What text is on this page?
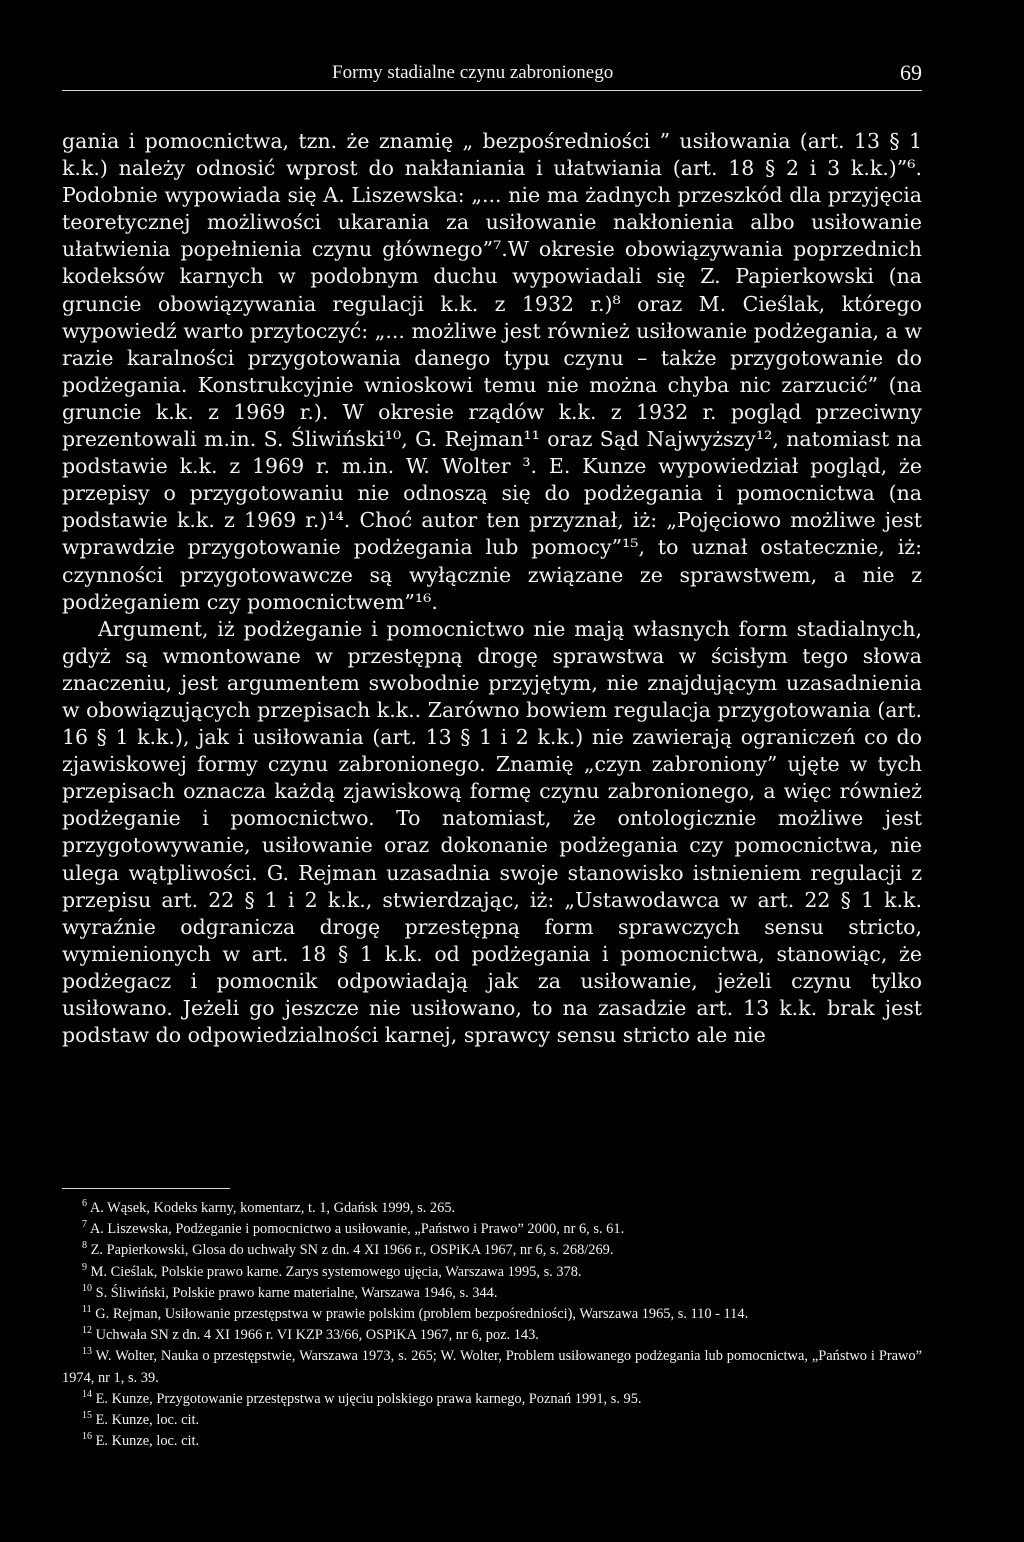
Formy stadialne czynu zabronionego	69

gania i pomocnictwa, tzn. że znamię „ bezpośredniości ” usiłowania (art. 13 § 1 k.k.) należy odnosić wprost do nakłaniania i ułatwiania (art. 18 § 2 i 3 k.k.)”⁶. Podobnie wypowiada się A. Liszewska: „... nie ma żadnych przeszkód dla przyjęcia teoretycznej możliwości ukarania za usiłowanie nakłonienia albo usiłowanie ułatwienia popełnienia czynu głównego”⁷.W okresie obowiązywania poprzednich kodeksów karnych w podobnym duchu wypowiadali się Z. Papierkowski (na gruncie obowiązywania regulacji k.k. z 1932 r.)⁸ oraz M. Cieślak, którego wypowiedź warto przytoczyć: „... możliwe jest również usiłowanie podżegania, a w razie karalności przygotowania danego typu czynu – także przygotowanie do podżegania. Konstrukcyjnie wnioskowi temu nie można chyba nic zarzucić” (na gruncie k.k. z 1969 r.). W okresie rządów k.k. z 1932 r. pogląd przeciwny prezentowali m.in. S. Śliwiński¹⁰, G. Rejman¹¹ oraz Sąd Najwyższy¹², natomiast na podstawie k.k. z 1969 r. m.in. W. Wolter ³. E. Kunze wypowiedział pogląd, że przepisy o przygotowaniu nie odnoszą się do podżegania i pomocnictwa (na podstawie k.k. z 1969 r.)¹⁴. Choć autor ten przyznał, iż: „Pojęciowo możliwe jest wprawdzie przygotowanie podżegania lub pomocy”¹⁵, to uznał ostatecznie, iż: czynności przygotowawcze są wyłącznie związane ze sprawstwem, a nie z podżeganiem czy pomocnictwem”¹⁶.

Argument, iż podżeganie i pomocnictwo nie mają własnych form stadialnych, gdyż są wmontowane w przestępną drogę sprawstwa w ścisłym tego słowa znaczeniu, jest argumentem swobodnie przyjętym, nie znajdującym uzasadnienia w obowiązujących przepisach k.k.. Zarówno bowiem regulacja przygotowania (art. 16 § 1 k.k.), jak i usiłowania (art. 13 § 1 i 2 k.k.) nie zawierają ograniczeń co do zjawiskowej formy czynu zabronionego. Znamię „czyn zabroniony” ujęte w tych przepisach oznacza każdą zjawiskową formę czynu zabronionego, a więc również podżeganie i pomocnictwo. To natomiast, że ontologicznie możliwe jest przygotowywanie, usiłowanie oraz dokonanie podżegania czy pomocnictwa, nie ulega wątpliwości. G. Rejman uzasadnia swoje stanowisko istnieniem regulacji z przepisu art. 22 § 1 i 2 k.k., stwierdzając, iż: „Ustawodawca w art. 22 § 1 k.k. wyraźnie odgranicza drogę przestępną form sprawczych sensu stricto, wymienionych w art. 18 § 1 k.k. od podżegania i pomocnictwa, stanowiąc, że podżegacz i pomocnik odpowiadają jak za usiłowanie, jeżeli czynu tylko usiłowano. Jeżeli go jeszcze nie usiłowano, to na zasadzie art. 13 k.k. brak jest podstaw do odpowiedzialności karnej, sprawcy sensu stricto ale nie

$^6$ A. Wąsek, Kodeks karny, komentarz, t. 1, Gdańsk 1999, s. 265.
$^7$ A. Liszewska, Podżeganie i pomocnictwo a usiłowanie, „Państwo i Prawo” 2000, nr 6, s. 61.
$^8$ Z. Papierkowski, Glosa do uchwały SN z dn. 4 XI 1966 r., OSPiKA 1967, nr 6, s. 268/269.
$^9$ M. Cieślak, Polskie prawo karne. Zarys systemowego ujęcia, Warszawa 1995, s. 378.
$^{10}$ S. Śliwiński, Polskie prawo karne materialne, Warszawa 1946, s. 344.
$^{11}$ G. Rejman, Usiłowanie przestępstwa w prawie polskim (problem bezpośredniości), Warszawa 1965, s. 110 - 114.
$^{12}$ Uchwała SN z dn. 4 XI 1966 r. VI KZP 33/66, OSPiKA 1967, nr 6, poz. 143.
$^{13}$ W. Wolter, Nauka o przestępstwie, Warszawa 1973, s. 265; W. Wolter, Problem usiłowanego podżegania lub pomocnictwa, „Państwo i Prawo” 1974, nr 1, s. 39.
$^{14}$ E. Kunze, Przygotowanie przestępstwa w ujęciu polskiego prawa karnego, Poznań 1991, s. 95.
$^{15}$ E. Kunze, loc. cit.
$^{16}$ E. Kunze, loc. cit.
